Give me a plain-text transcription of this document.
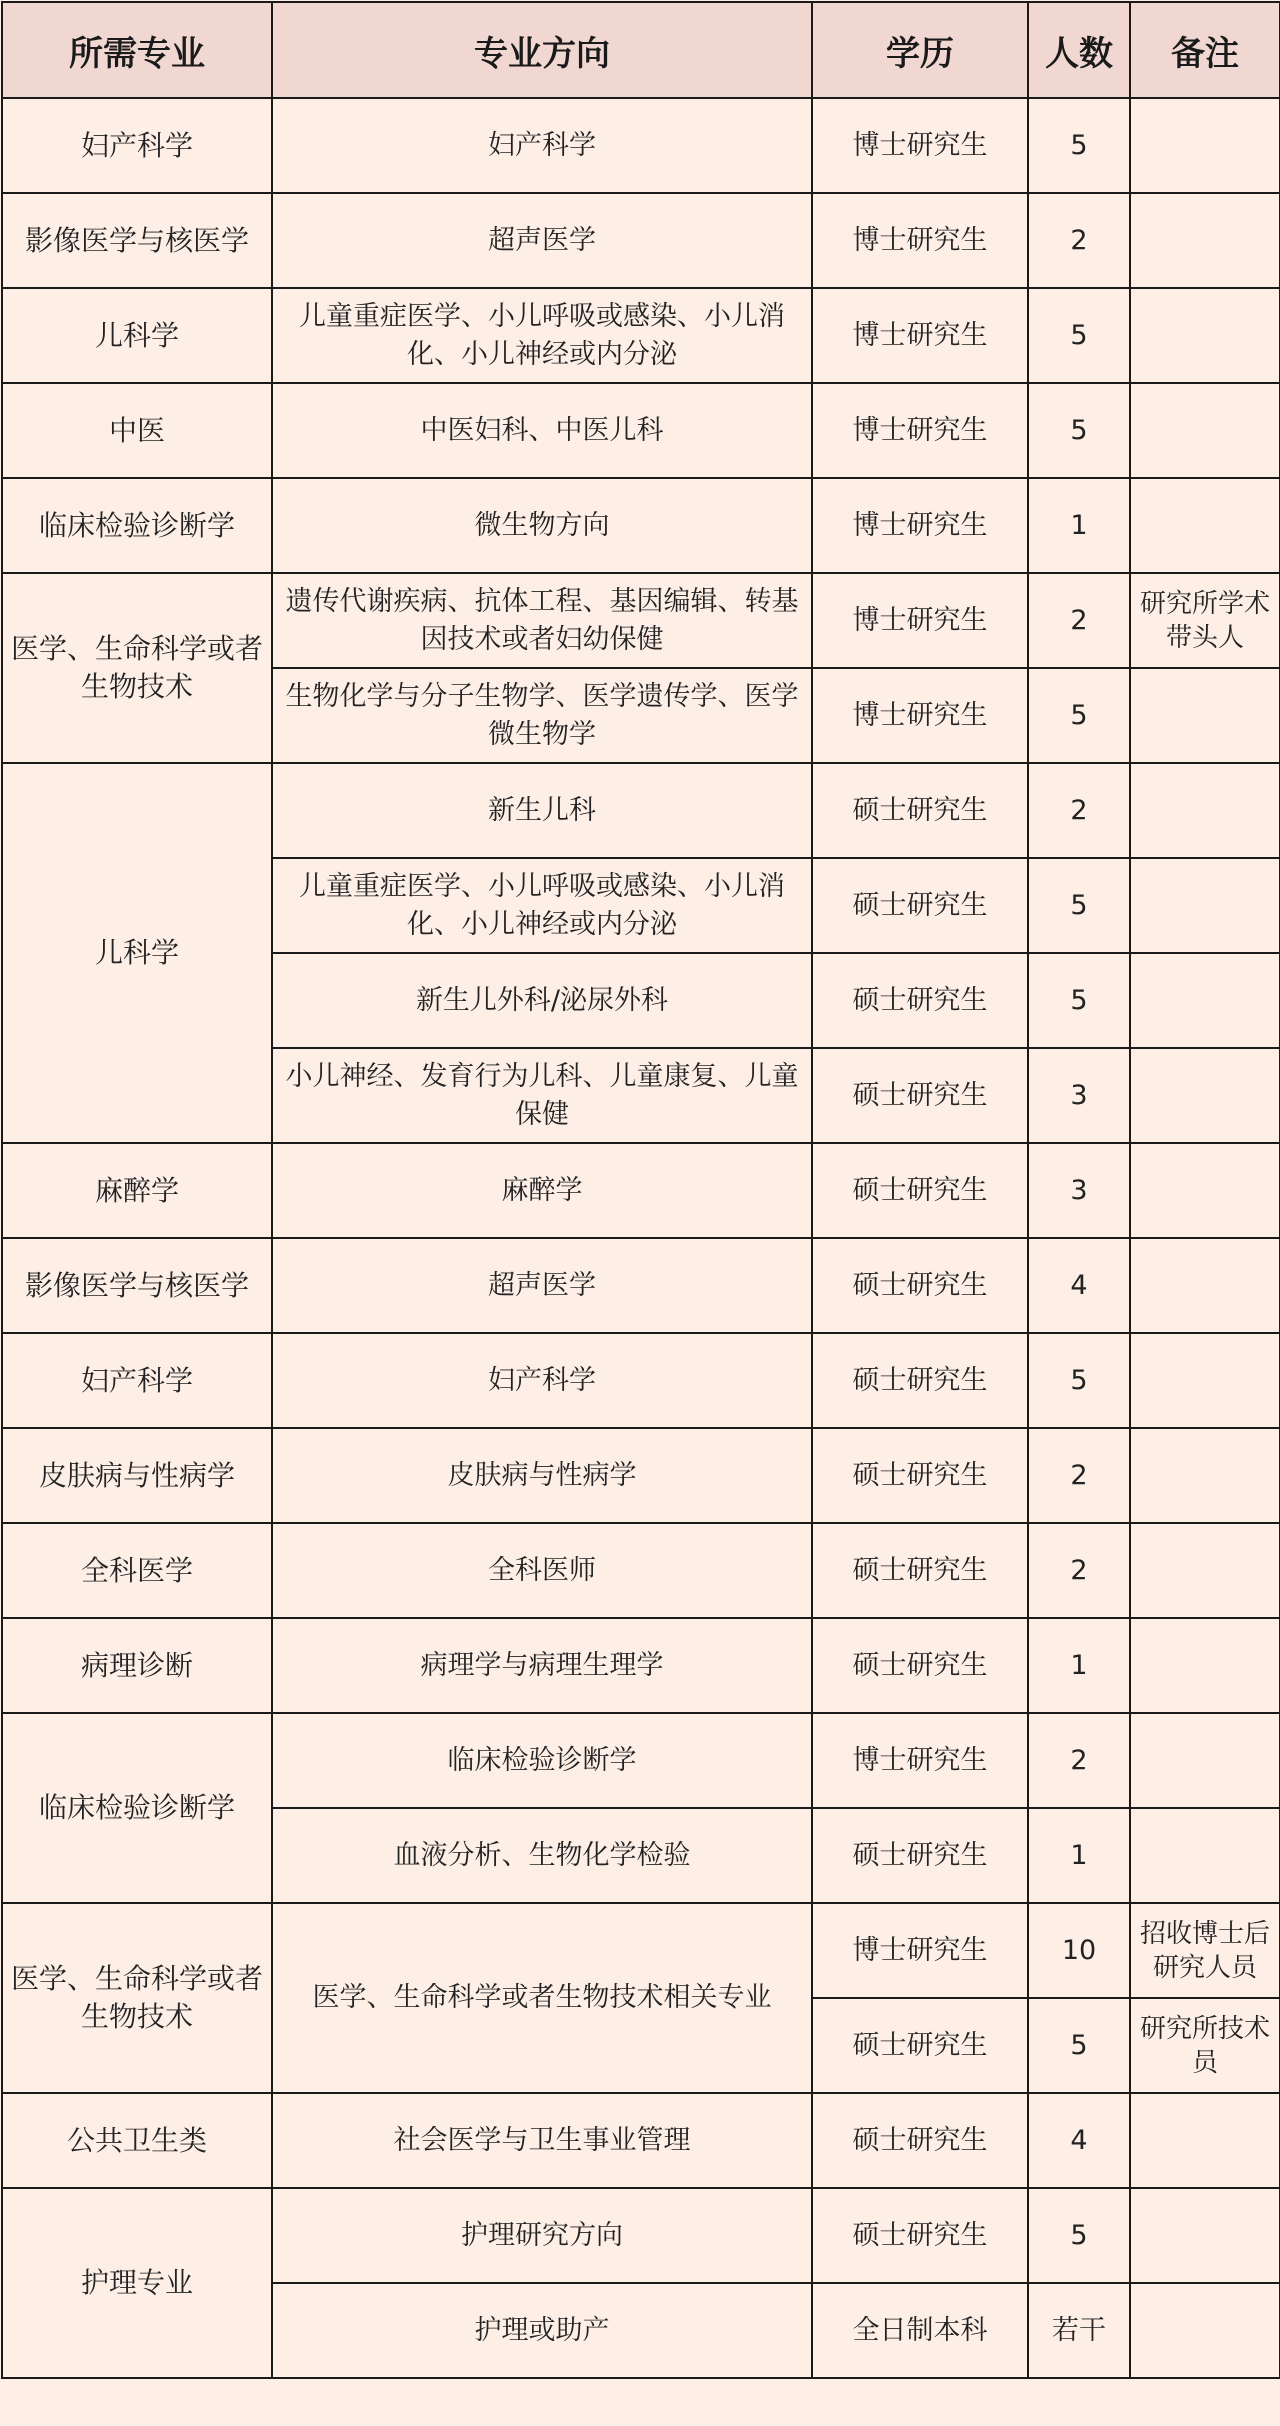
所需专业	专业方向	学历	人数	备注
妇产科学	妇产科学	博士研究生	5	
影像医学与核医学	超声医学	博士研究生	2	
儿科学	儿童重症医学、小儿呼吸或感染、小儿消化、小儿神经或内分泌	博士研究生	5	
中医	中医妇科、中医儿科	博士研究生	5	
临床检验诊断学	微生物方向	博士研究生	1	
医学、生命科学或者生物技术	遗传代谢疾病、抗体工程、基因编辑、转基因技术或者妇幼保健	博士研究生	2	研究所学术带头人
	生物化学与分子生物学、医学遗传学、医学微生物学	博士研究生	5	
儿科学	新生儿科	硕士研究生	2	
	儿童重症医学、小儿呼吸或感染、小儿消化、小儿神经或内分泌	硕士研究生	5	
	新生儿外科/泌尿外科	硕士研究生	5	
	小儿神经、发育行为儿科、儿童康复、儿童保健	硕士研究生	3	
麻醉学	麻醉学	硕士研究生	3	
影像医学与核医学	超声医学	硕士研究生	4	
妇产科学	妇产科学	硕士研究生	5	
皮肤病与性病学	皮肤病与性病学	硕士研究生	2	
全科医学	全科医师	硕士研究生	2	
病理诊断	病理学与病理生理学	硕士研究生	1	
临床检验诊断学	临床检验诊断学	博士研究生	2	
	血液分析、生物化学检验	硕士研究生	1	
医学、生命科学或者生物技术	医学、生命科学或者生物技术相关专业	博士研究生	10	招收博士后研究人员
		硕士研究生	5	研究所技术员
公共卫生类	社会医学与卫生事业管理	硕士研究生	4	
护理专业	护理研究方向	硕士研究生	5	
	护理或助产	全日制本科	若干	
